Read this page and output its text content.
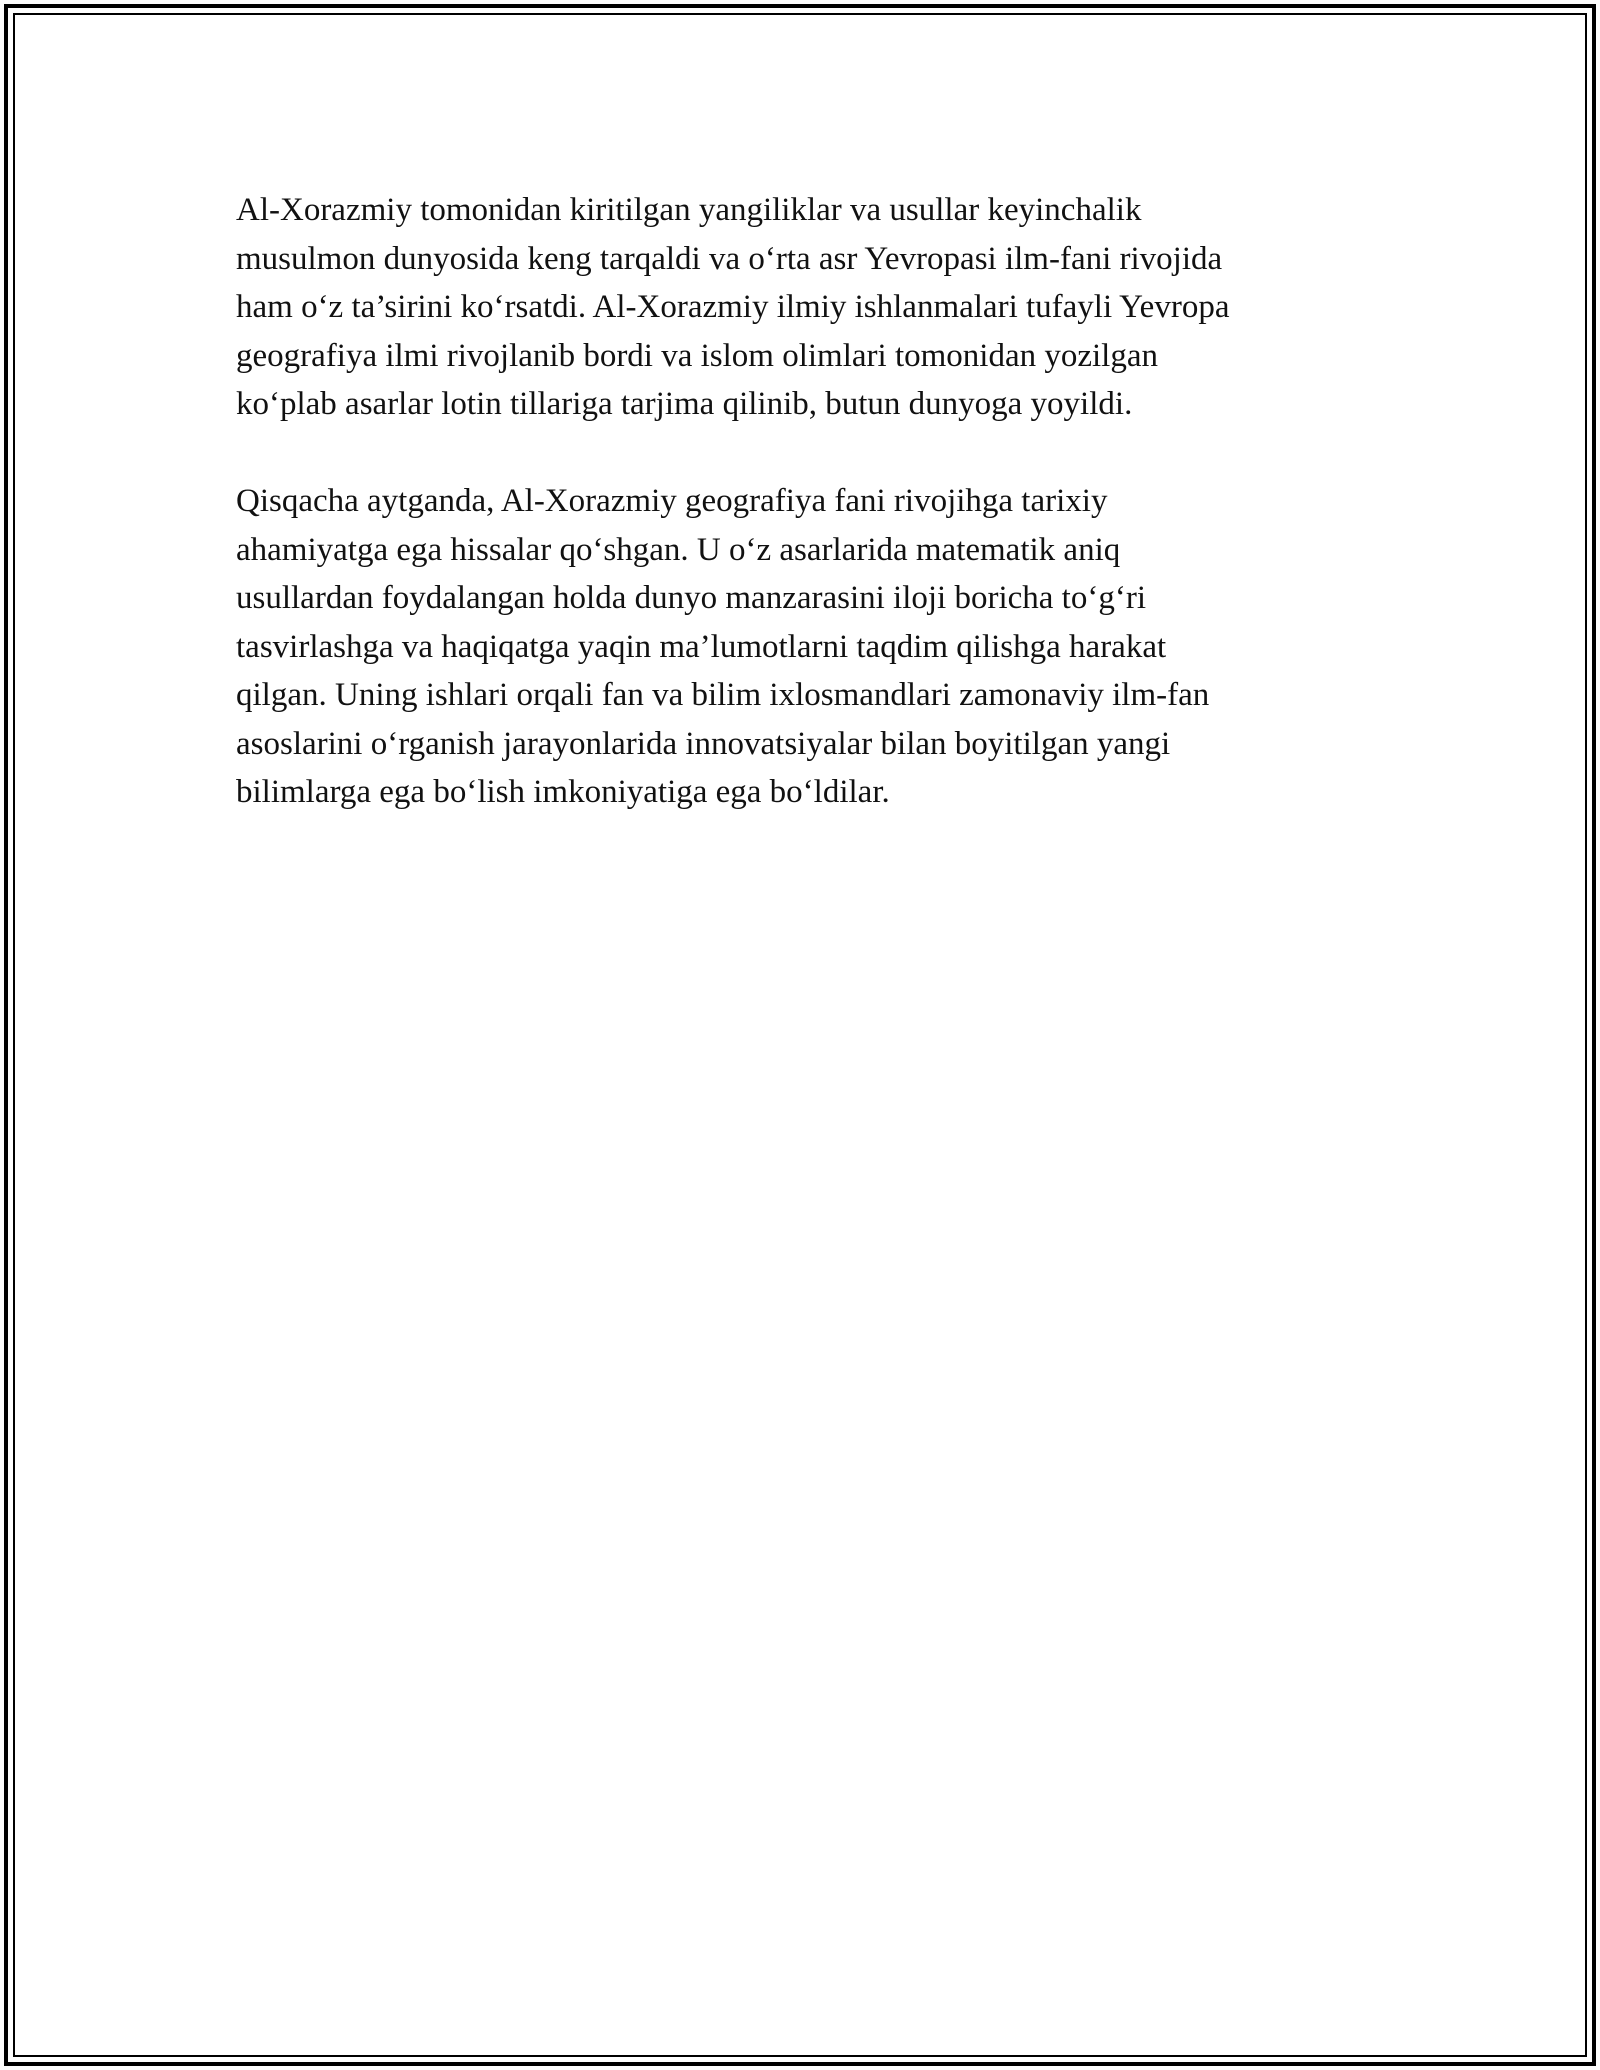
Al-Xorazmiy tomonidan kiritilgan yangiliklar va usullar keyinchalik
musulmon dunyosida keng tarqaldi va o‘rta asr Yevropasi ilm-fani rivojida
ham o‘z ta’sirini ko‘rsatdi. Al-Xorazmiy ilmiy ishlanmalari tufayli Yevropa
geografiya ilmi rivojlanib bordi va islom olimlari tomonidan yozilgan
ko‘plab asarlar lotin tillariga tarjima qilinib, butun dunyoga yoyildi.

Qisqacha aytganda, Al-Xorazmiy geografiya fani rivojihga tarixiy
ahamiyatga ega hissalar qo‘shgan. U o‘z asarlarida matematik aniq
usullardan foydalangan holda dunyo manzarasini iloji boricha to‘g‘ri
tasvirlashga va haqiqatga yaqin ma’lumotlarni taqdim qilishga harakat
qilgan. Uning ishlari orqali fan va bilim ixlosmandlari zamonaviy ilm-fan
asoslarini o‘rganish jarayonlarida innovatsiyalar bilan boyitilgan yangi
bilimlarga ega bo‘lish imkoniyatiga ega bo‘ldilar.
